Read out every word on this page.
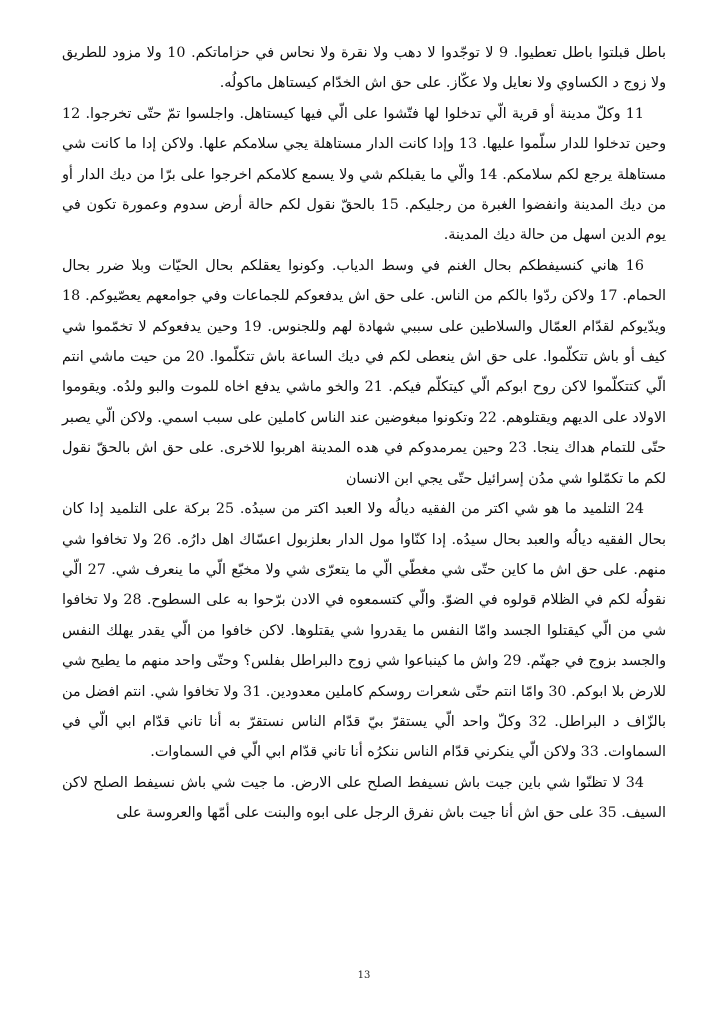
باطل قبلتوا باطل تعطيوا. 9 لا توجّدوا لا دهب ولا نقرة ولا نحاس في حزاماتكم. 10 ولا مزود للطريق ولا زوج د الكساوي ولا نعايل ولا عكّاز. على حق اش الخدّام كيستاهل ماكولُه.

11 وكلّ مدينة أو قرية الّي تدخلوا لها فتّشوا على الّي فيها كيستاهل. واجلسوا تمّ حتّى تخرجوا. 12 وحين تدخلوا للدار سلّموا عليها. 13 وإدا كانت الدار مستاهلة يجي سلامكم علها. ولاكن إدا ما كانت شي مستاهلة يرجع لكم سلامكم. 14 والّي ما يقبلكم شي ولا يسمع كلامكم اخرجوا على برّا من ديك الدار أو من ديك المدينة وانفضوا الغبرة من رجليكم. 15 بالحقّ نقول لكم حالة أرض سدوم وعمورة تكون في يوم الدين اسهل من حالة ديك المدينة.

16 هاني كنسيفطكم بحال الغنم في وسط الدياب. وكونوا يعقلكم بحال الحيّات وبلا ضرر بحال الحمام. 17 ولاكن ردّوا بالكم من الناس. على حق اش يدفعوكم للجماعات وفي جوامعهم يعصّيوكم. 18 ويدّيوكم لقدّام العمّال والسلاطين على سببي شهادة لهم وللجنوس. 19 وحين يدفعوكم لا تخمّموا شي كيف أو باش تتكلّموا. على حق اش ينعطى لكم في ديك الساعة باش تتكلّموا. 20 من حيت ماشي انتم الّي كتتكلّموا لاكن روح ابوكم الّي كيتكلّم فيكم. 21 والخو ماشي يدفع اخاه للموت والبو ولدُه. ويقوموا الاولاد على الديهم ويقتلوهم. 22 وتكونوا مبغوضين عند الناس كاملين على سبب اسمي. ولاكن الّي يصبر حتّى للتمام هداك ينجا. 23 وحين يمرمدوكم في هده المدينة اهربوا للاخرى. على حق اش بالحقّ نقول لكم ما تكمّلوا شي مدُن إسرائيل حتّى يجي ابن الانسان

24 التلميد ما هو شي اكتر من الفقيه ديالُه ولا العبد اكتر من سيدُه. 25 بركة على التلميد إدا كان بحال الفقيه ديالُه والعبد بحال سيدُه. إدا كنّاوا مول الدار بعلزبول اعسّاك اهل دارُه. 26 ولا تخافوا شي منهم. على حق اش ما كاين حتّى شي مغطّي الّي ما يتعرّى شي ولا مخبّع الّي ما ينعرف شي. 27 الّي نقولُه لكم في الظلام قولوه في الضوّ. والّي كتسمعوه في الادن برّحوا به على السطوح. 28 ولا تخافوا شي من الّي كيقتلوا الجسد وامّا النفس ما يقدروا شي يقتلوها. لاكن خافوا من الّي يقدر يهلك النفس والجسد بزوج في جهنّم. 29 واش ما كينباعوا شي زوج دالبراطل بفلس؟ وحتّى واحد منهم ما يطيح شي للارض بلا ابوكم. 30 وامّا انتم حتّى شعرات روسكم كاملين معدودين. 31 ولا تخافوا شي. انتم افضل من بالزّاف د البراطل. 32 وكلّ واحد الّي يستقرّ بيّ قدّام الناس نستقرّ به أنا تاني قدّام ابي الّي في السماوات. 33 ولاكن الّي ينكرني قدّام الناس ننكرُه أنا تاني قدّام ابي الّي في السماوات.

34 لا تظنّوا شي باين جيت باش نسيفط الصلح على الارض. ما جيت شي باش نسيفط الصلح لاكن السيف. 35 على حق اش أنا جيت باش نفرق الرجل على ابوه والبنت على أمّها والعروسة على

13
